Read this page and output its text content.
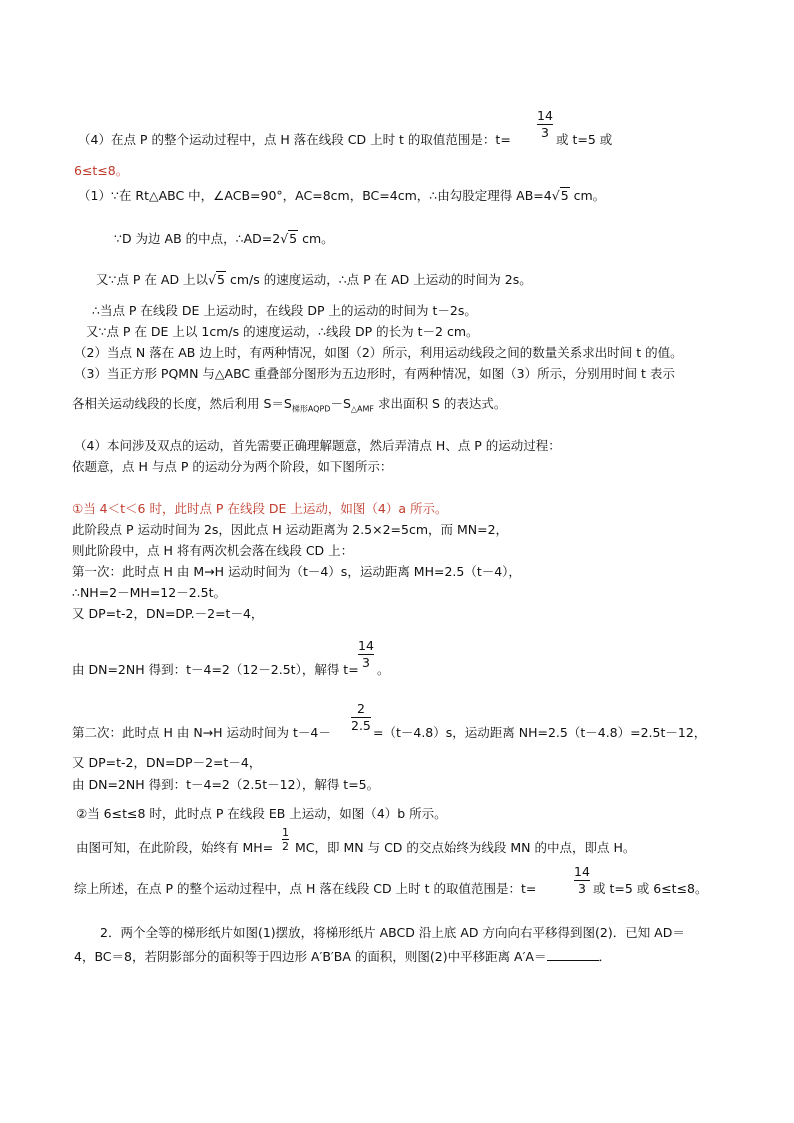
（4）在点 P 的整个运动过程中，点 H 落在线段 CD 上时 t 的取值范围是：t=
14
3 或 t=5 或
6≤t≤8。
（1）∵在 Rt△ABC 中，∠ACB=90°，AC=8cm，BC=4cm，∴由勾股定理得 AB=4√5 cm。
∵D 为边 AB 的中点，∴AD=2√5 cm。
又∵点 P 在 AD 上以√5 cm/s 的速度运动，∴点 P 在 AD 上运动的时间为 2s。
∴当点 P 在线段 DE 上运动时，在线段 DP 上的运动的时间为 t－2s。
又∵点 P 在 DE 上以 1cm/s 的速度运动，∴线段 DP 的长为 t－2 cm。
（2）当点 N 落在 AB 边上时，有两种情况，如图（2）所示，利用运动线段之间的数量关系求出时间 t 的值。
（3）当正方形 PQMN 与△ABC 重叠部分图形为五边形时，有两种情况，如图（3）所示，分别用时间 t 表示
各相关运动线段的长度，然后利用 $S=S_{梯形AQPD}-S_{\triangle AMF}$ 求出面积 S 的表达式。
（4）本问涉及双点的运动，首先需要正确理解题意，然后弄清点 H、点 P 的运动过程：
依题意，点 H 与点 P 的运动分为两个阶段，如下图所示：
①当 4＜t＜6 时，此时点 P 在线段 DE 上运动，如图（4）a 所示。
此阶段点 P 运动时间为 2s，因此点 H 运动距离为 2.5×2=5cm，而 MN=2，
则此阶段中，点 H 将有两次机会落在线段 CD 上：
第一次：此时点 H 由 M→H 运动时间为（t－4）s，运动距离 MH=2.5（t－4），
∴NH=2－MH=12－2.5t。
又 DP=t-2，DN=DP.－2=t－4，
由 DN=2NH 得到：t－4=2（12－2.5t），解得 t=
14
3 。
第二次：此时点 H 由 N→H 运动时间为 t－4－
2
2.5 =（t－4.8）s，运动距离 NH=2.5（t－4.8）=2.5t－12，
又 DP=t-2，DN=DP－2=t－4，
由 DN=2NH 得到：t－4=2（2.5t－12），解得 t=5。
②当 6≤t≤8 时，此时点 P 在线段 EB 上运动，如图（4）b 所示。
由图可知，在此阶段，始终有 MH=
1
2 MC，即 MN 与 CD 的交点始终为线段 MN 的中点，即点 H。
综上所述，在点 P 的整个运动过程中，点 H 落在线段 CD 上时 t 的取值范围是：t=
14
3 或 t=5 或 6≤t≤8。
2．两个全等的梯形纸片如图(1)摆放，将梯形纸片 ABCD 沿上底 AD 方向向右平移得到图(2)．已知 AD＝
4，BC＝8，若阴影部分的面积等于四边形 A′B′BA 的面积，则图(2)中平移距离 A′A＝	．
